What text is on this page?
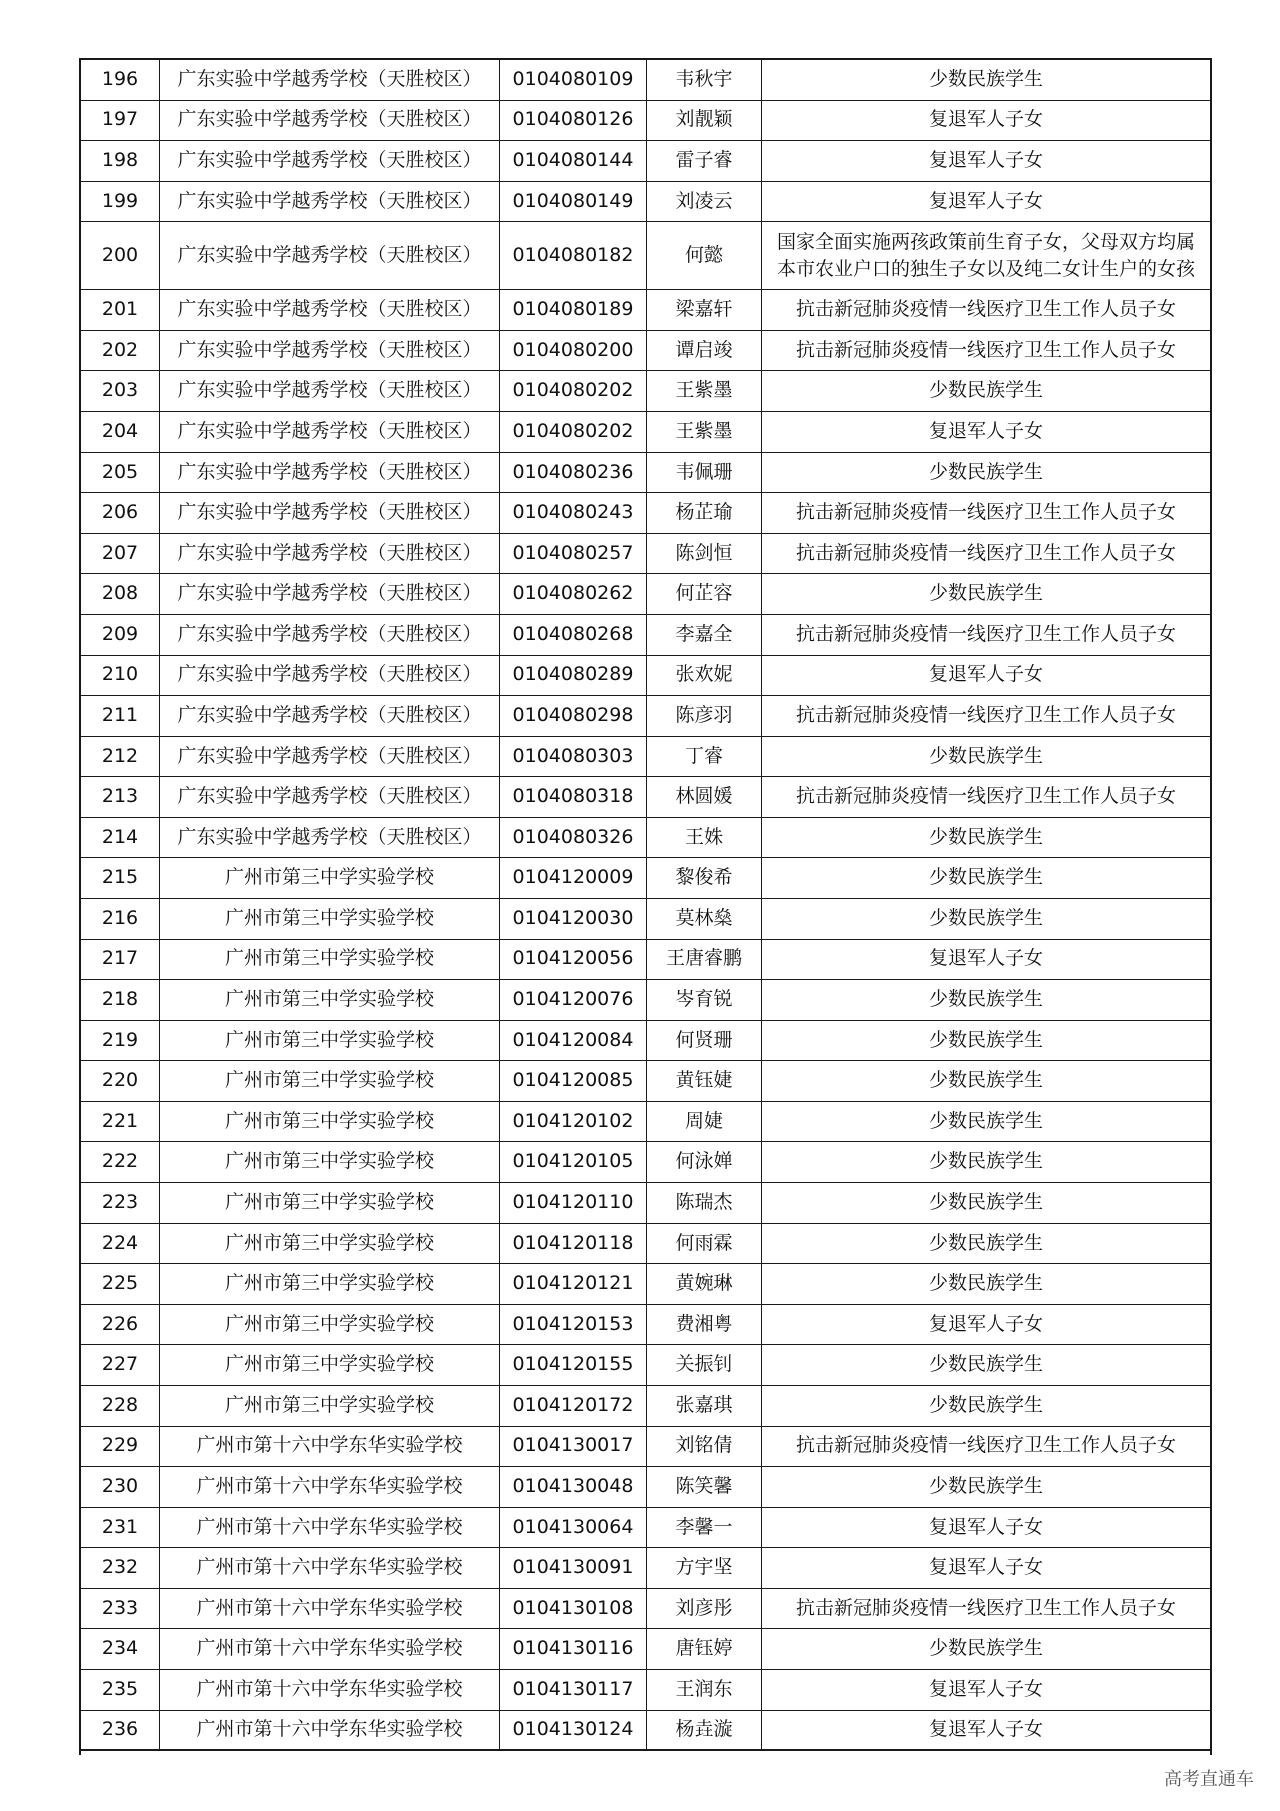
196	广东实验中学越秀学校（天胜校区）	0104080109	韦秋宇	少数民族学生
197	广东实验中学越秀学校（天胜校区）	0104080126	刘靓颖	复退军人子女
198	广东实验中学越秀学校（天胜校区）	0104080144	雷子睿	复退军人子女
199	广东实验中学越秀学校（天胜校区）	0104080149	刘凌云	复退军人子女
200	广东实验中学越秀学校（天胜校区）	0104080182	何懿
国家全面实施两孩政策前生育子女，父母双方均属本市农业户口的独生子女以及纯二女计生户的女孩
201	广东实验中学越秀学校（天胜校区）	0104080189	梁嘉轩	抗击新冠肺炎疫情一线医疗卫生工作人员子女
202	广东实验中学越秀学校（天胜校区）	0104080200	谭启竣	抗击新冠肺炎疫情一线医疗卫生工作人员子女
203	广东实验中学越秀学校（天胜校区）	0104080202	王紫墨	少数民族学生
204	广东实验中学越秀学校（天胜校区）	0104080202	王紫墨	复退军人子女
205	广东实验中学越秀学校（天胜校区）	0104080236	韦佩珊	少数民族学生
206	广东实验中学越秀学校（天胜校区）	0104080243	杨芷瑜	抗击新冠肺炎疫情一线医疗卫生工作人员子女
207	广东实验中学越秀学校（天胜校区）	0104080257	陈剑恒	抗击新冠肺炎疫情一线医疗卫生工作人员子女
208	广东实验中学越秀学校（天胜校区）	0104080262	何芷容	少数民族学生
209	广东实验中学越秀学校（天胜校区）	0104080268	李嘉全	抗击新冠肺炎疫情一线医疗卫生工作人员子女
210	广东实验中学越秀学校（天胜校区）	0104080289	张欢妮	复退军人子女
211	广东实验中学越秀学校（天胜校区）	0104080298	陈彦羽	抗击新冠肺炎疫情一线医疗卫生工作人员子女
212	广东实验中学越秀学校（天胜校区）	0104080303	丁睿	少数民族学生
213	广东实验中学越秀学校（天胜校区）	0104080318	林圆媛	抗击新冠肺炎疫情一线医疗卫生工作人员子女
214	广东实验中学越秀学校（天胜校区）	0104080326	王姝	少数民族学生
215	广州市第三中学实验学校	0104120009	黎俊希	少数民族学生
216	广州市第三中学实验学校	0104120030	莫林燊	少数民族学生
217	广州市第三中学实验学校	0104120056	王唐睿鹏	复退军人子女
218	广州市第三中学实验学校	0104120076	岑育锐	少数民族学生
219	广州市第三中学实验学校	0104120084	何贤珊	少数民族学生
220	广州市第三中学实验学校	0104120085	黄钰婕	少数民族学生
221	广州市第三中学实验学校	0104120102	周婕	少数民族学生
222	广州市第三中学实验学校	0104120105	何泳婵	少数民族学生
223	广州市第三中学实验学校	0104120110	陈瑞杰	少数民族学生
224	广州市第三中学实验学校	0104120118	何雨霖	少数民族学生
225	广州市第三中学实验学校	0104120121	黄婉琳	少数民族学生
226	广州市第三中学实验学校	0104120153	费湘粤	复退军人子女
227	广州市第三中学实验学校	0104120155	关振钊	少数民族学生
228	广州市第三中学实验学校	0104120172	张嘉琪	少数民族学生
229	广州市第十六中学东华实验学校	0104130017	刘铭倩	抗击新冠肺炎疫情一线医疗卫生工作人员子女
230	广州市第十六中学东华实验学校	0104130048	陈笑馨	少数民族学生
231	广州市第十六中学东华实验学校	0104130064	李馨一	复退军人子女
232	广州市第十六中学东华实验学校	0104130091	方宇坚	复退军人子女
233	广州市第十六中学东华实验学校	0104130108	刘彦彤	抗击新冠肺炎疫情一线医疗卫生工作人员子女
234	广州市第十六中学东华实验学校	0104130116	唐钰婷	少数民族学生
235	广州市第十六中学东华实验学校	0104130117	王润东	复退军人子女
236	广州市第十六中学东华实验学校	0104130124	杨垚漩	复退军人子女
高考直通车
